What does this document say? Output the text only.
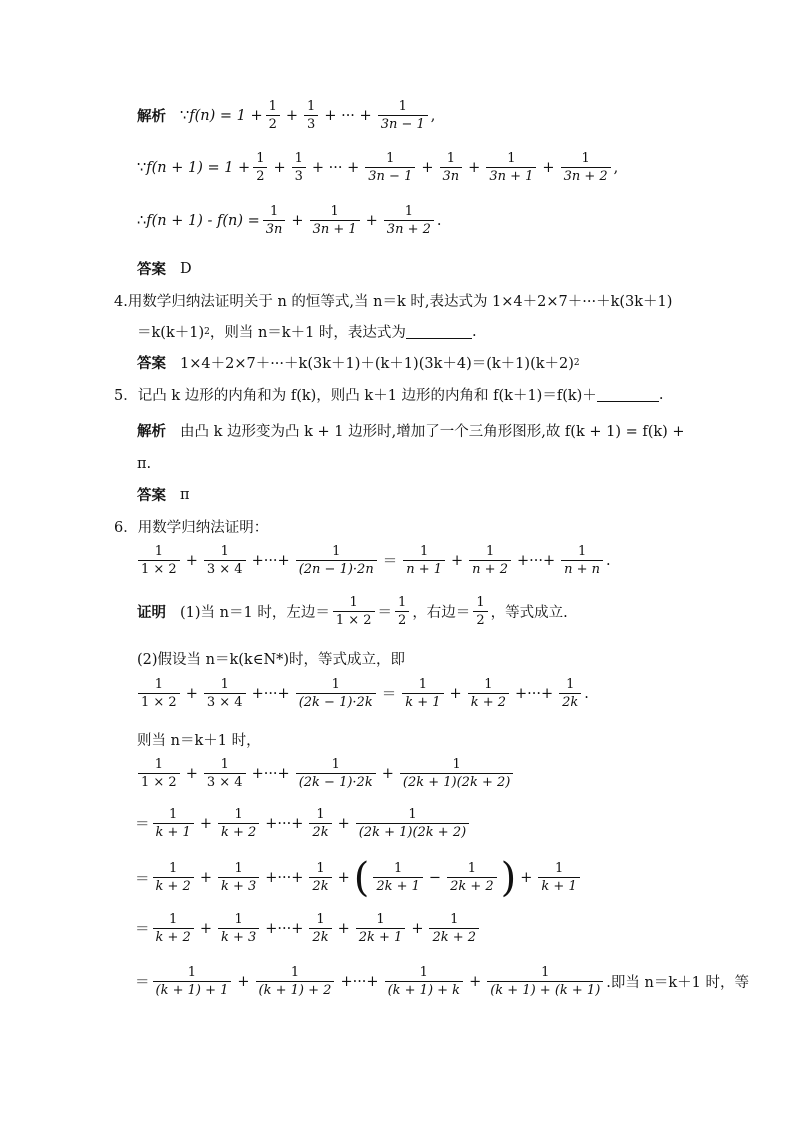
解析 ∵ $f(n) = 1 + \frac{1}{2} + \frac{1}{3}$ + ··· + $\frac{1}{3n - 1}$ ,
∵ $f(n + 1) = 1 + \frac{1}{2} + \frac{1}{3}$ + ··· + $\frac{1}{3n - 1} + \frac{1}{3n} + \frac{1}{3n + 1} + \frac{1}{3n + 2}$ ,
∴ $f(n + 1) - f(n) = \frac{1}{3n} + \frac{1}{3n + 1} + \frac{1}{3n + 2}$ .
答案 D
4.用数学归纳法证明关于 n 的恒等式,当 n＝k 时,表达式为 1×4＋2×7＋···＋k(3k＋1)
＝k(k＋1) 2 ，则当 n＝k＋1 时，表达式为	.
答案 1×4＋2×7＋···＋k(3k＋1)＋(k＋1)(3k＋4)＝(k＋1)(k＋2) 2
5．记凸 k 边形的内角和为 f(k)，则凸 k＋1 边形的内角和 f(k＋1)＝f(k)＋	.
解析 由凸 k 边形变为凸 k + 1 边形时,增加了一个三角形图形,故 f(k + 1) = f(k) +
π.
答案 π
6．用数学归纳法证明：
$\frac{1}{1 \times 2} + \frac{1}{3 \times 4}$ +···+ $\frac{1}{(2n - 1)\cdot 2n} = \frac{1}{n + 1} + \frac{1}{n + 2}$ +···+ $\frac{1}{n + n}$ .
证明 (1)当 n＝1 时，左边＝ $\frac{1}{1 \times 2} = \frac{1}{2}$ ，右边＝ $\frac{1}{2}$ ，等式成立.
(2)假设当 n＝k(k∈N*)时，等式成立，即
$\frac{1}{1 \times 2} + \frac{1}{3 \times 4}$ +···+ $\frac{1}{(2k - 1)\cdot 2k} = \frac{1}{k + 1} + \frac{1}{k + 2}$ +···+ $\frac{1}{2k}$ .
则当 n＝k＋1 时，
$\frac{1}{1 \times 2} + \frac{1}{3 \times 4}$ +···+ $\frac{1}{(2k - 1)\cdot 2k} + \frac{1}{(2k + 1)(2k + 2)}$
＝ $\frac{1}{k + 1} + \frac{1}{k + 2}$ +···+ $\frac{1}{2k} + \frac{1}{(2k + 1)(2k + 2)}$
＝ $\frac{1}{k + 2} + \frac{1}{k + 3}$ +···+ $\frac{1}{2k}$ + ( $\frac{1}{2k + 1} - \frac{1}{2k + 2}$ ) + $\frac{1}{k + 1}$
＝ $\frac{1}{k + 2} + \frac{1}{k + 3}$ +···+ $\frac{1}{2k} + \frac{1}{2k + 1} + \frac{1}{2k + 2}$
＝ $\frac{1}{(k + 1) + 1} + \frac{1}{(k + 1) + 2}$ +···+ $\frac{1}{(k + 1) + k} + \frac{1}{(k + 1) + (k + 1)}$ .即当 n＝k＋1 时，等
